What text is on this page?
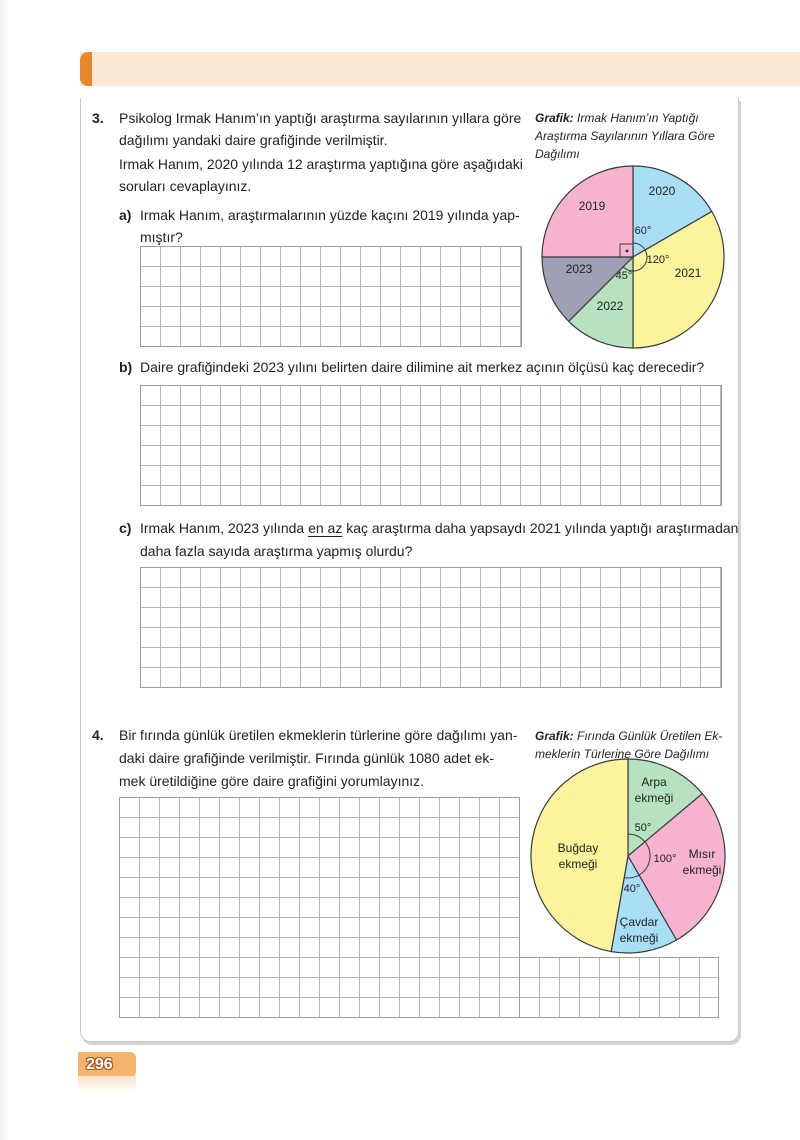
3. Psikolog Irmak Hanım’ın yaptığı araştırma sayılarının yıllara göre
dağılımı yandaki daire grafiğinde verilmiştir.
Irmak Hanım, 2020 yılında 12 araştırma yaptığına göre aşağıdaki
soruları cevaplayınız.
a) Irmak Hanım, araştırmalarının yüzde kaçını 2019 yılında yap-
mıştır?
Grafik: Irmak Hanım’ın Yaptığı
Araştırma Sayılarının Yıllara Göre
Dağılımı
2020
60°
2021
120°
2022
45°
2023
2019
b) Daire grafiğindeki 2023 yılını belirten daire dilimine ait merkez açının ölçüsü kaç derecedir?
c) Irmak Hanım, 2023 yılında en az kaç araştırma daha yapsaydı 2021 yılında yaptığı araştırmadan
daha fazla sayıda araştırma yapmış olurdu?
4. Bir fırında günlük üretilen ekmeklerin türlerine göre dağılımı yan-
daki daire grafiğinde verilmiştir. Fırında günlük 1080 adet ek-
mek üretildiğine göre daire grafiğini yorumlayınız.
Grafik: Fırında Günlük Üretilen Ek-
meklerin Türlerine Göre Dağılımı
Arpa
ekmeği
50°
Mısır
ekmeği
100°
Çavdar
ekmeği
40°
Buğday
ekmeği
296
